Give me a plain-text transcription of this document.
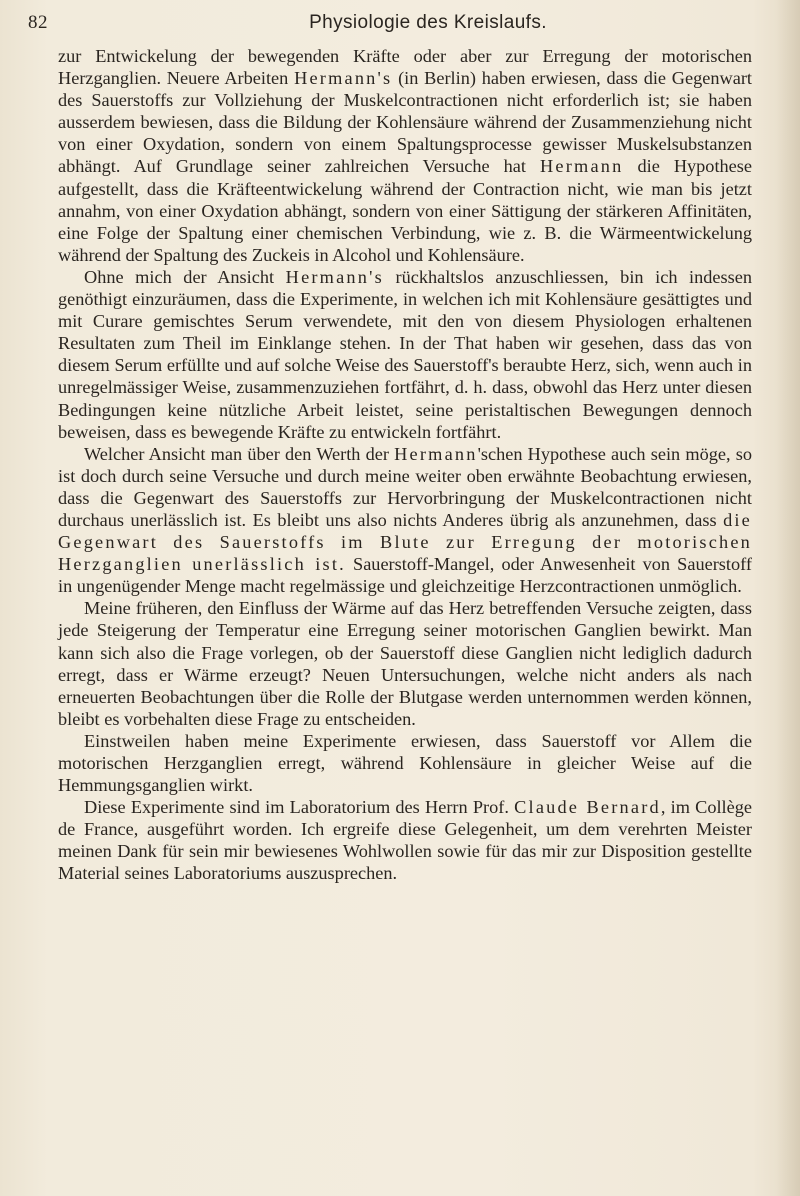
82	Physiologie des Kreislaufs.

zur Entwickelung der bewegenden Kräfte oder aber zur Erregung der motorischen Herzganglien. Neuere Arbeiten Hermann's (in Berlin) haben erwiesen, dass die Gegenwart des Sauerstoffs zur Vollziehung der Muskelcontractionen nicht erforderlich ist; sie haben ausserdem bewiesen, dass die Bildung der Kohlensäure während der Zusammenziehung nicht von einer Oxydation, sondern von einem Spaltungsprocesse gewisser Muskelsubstanzen abhängt. Auf Grundlage seiner zahlreichen Versuche hat Hermann die Hypothese aufgestellt, dass die Kräfteentwickelung während der Contraction nicht, wie man bis jetzt annahm, von einer Oxydation abhängt, sondern von einer Sättigung der stärkeren Affinitäten, eine Folge der Spaltung einer chemischen Verbindung, wie z. B. die Wärmeentwickelung während der Spaltung des Zuckeis in Alcohol und Kohlensäure.

Ohne mich der Ansicht Hermann's rückhaltslos anzuschliessen, bin ich indessen genöthigt einzuräumen, dass die Experimente, in welchen ich mit Kohlensäure gesättigtes und mit Curare gemischtes Serum verwendete, mit den von diesem Physiologen erhaltenen Resultaten zum Theil im Einklange stehen. In der That haben wir gesehen, dass das von diesem Serum erfüllte und auf solche Weise des Sauerstoff's beraubte Herz, sich, wenn auch in unregelmässiger Weise, zusammenzuziehen fortfährt, d. h. dass, obwohl das Herz unter diesen Bedingungen keine nützliche Arbeit leistet, seine peristaltischen Bewegungen dennoch beweisen, dass es bewegende Kräfte zu entwickeln fortfährt.

Welcher Ansicht man über den Werth der Hermann'schen Hypothese auch sein möge, so ist doch durch seine Versuche und durch meine weiter oben erwähnte Beobachtung erwiesen, dass die Gegenwart des Sauerstoffs zur Hervorbringung der Muskelcontractionen nicht durchaus unerlässlich ist. Es bleibt uns also nichts Anderes übrig als anzunehmen, dass die Gegenwart des Sauerstoffs im Blute zur Erregung der motorischen Herzganglien unerlässlich ist. Sauerstoff-Mangel, oder Anwesenheit von Sauerstoff in ungenügender Menge macht regelmässige und gleichzeitige Herzcontractionen unmöglich.

Meine früheren, den Einfluss der Wärme auf das Herz betreffenden Versuche zeigten, dass jede Steigerung der Temperatur eine Erregung seiner motorischen Ganglien bewirkt. Man kann sich also die Frage vorlegen, ob der Sauerstoff diese Ganglien nicht lediglich dadurch erregt, dass er Wärme erzeugt? Neuen Untersuchungen, welche nicht anders als nach erneuerten Beobachtungen über die Rolle der Blutgase werden unternommen werden können, bleibt es vorbehalten diese Frage zu entscheiden.

Einstweilen haben meine Experimente erwiesen, dass Sauerstoff vor Allem die motorischen Herzganglien erregt, während Kohlensäure in gleicher Weise auf die Hemmungsganglien wirkt.

Diese Experimente sind im Laboratorium des Herrn Prof. Claude Bernard, im Collège de France, ausgeführt worden. Ich ergreife diese Gelegenheit, um dem verehrten Meister meinen Dank für sein mir bewiesenes Wohlwollen sowie für das mir zur Disposition gestellte Material seines Laboratoriums auszusprechen.
